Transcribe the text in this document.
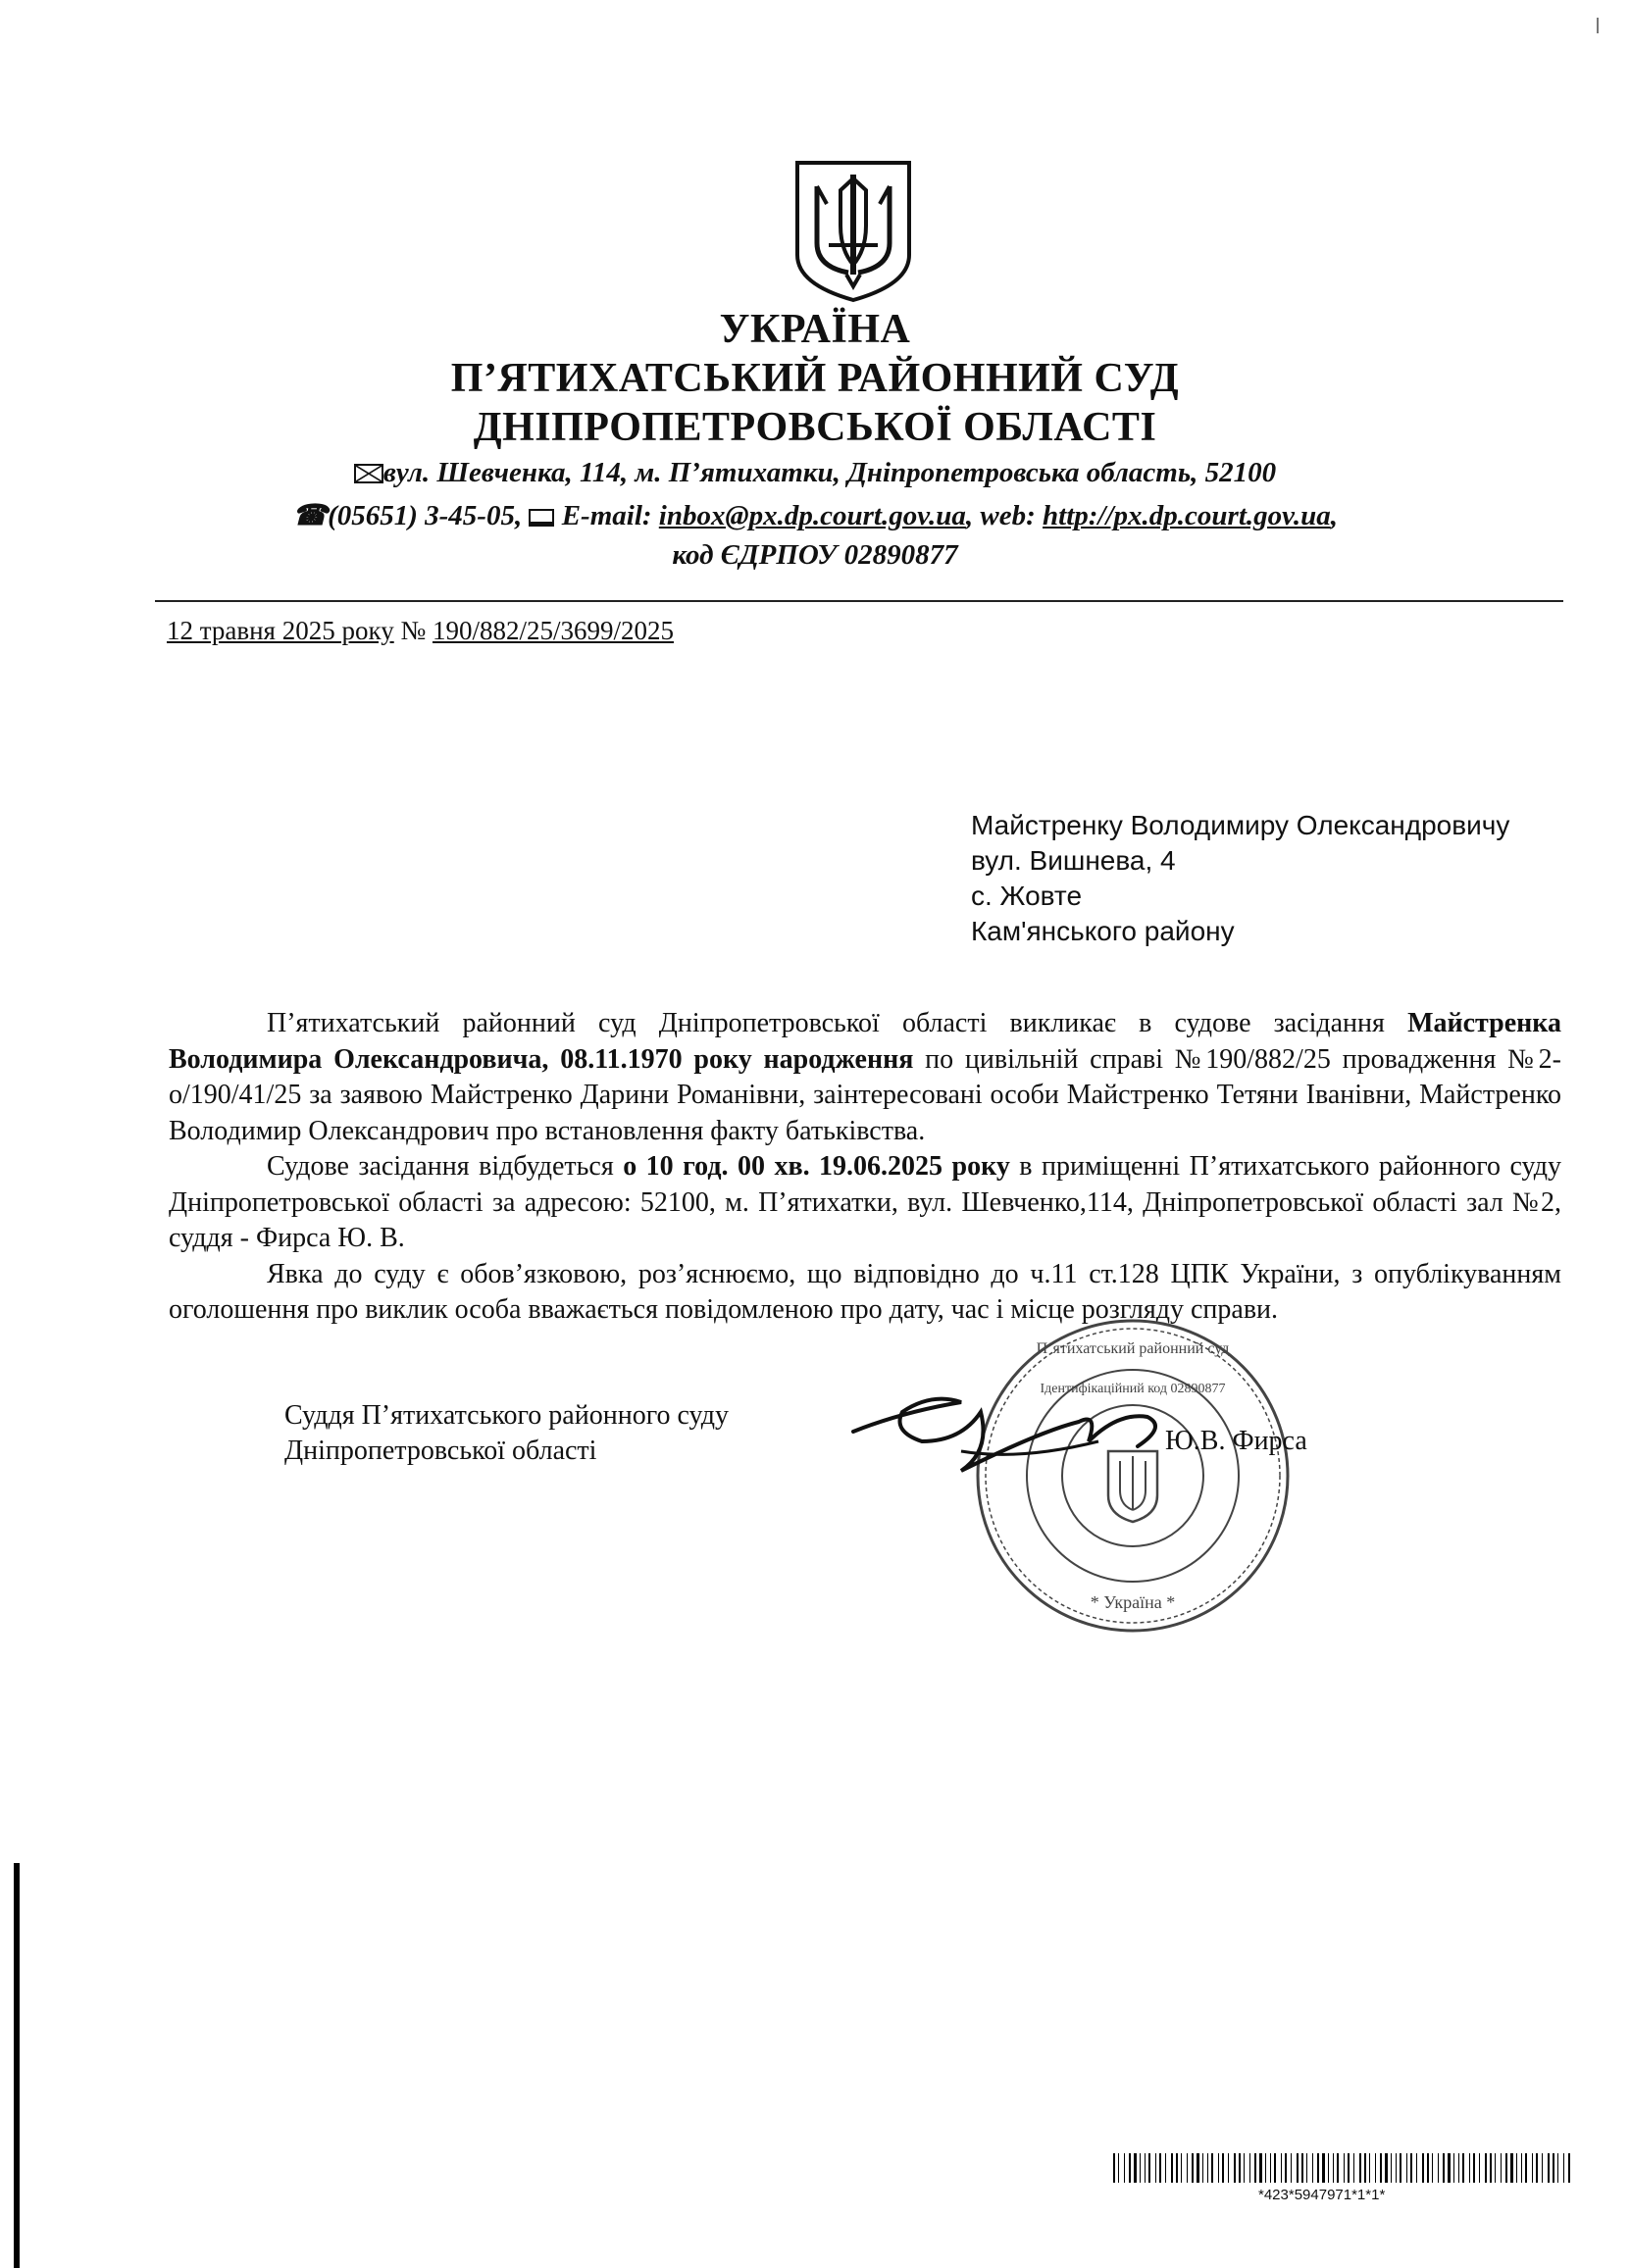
УКРАЇНА
П’ЯТИХАТСЬКИЙ РАЙОННИЙ СУД
ДНІПРОПЕТРОВСЬКОЇ ОБЛАСТІ
вул. Шевченка, 114, м. П’ятихатки, Дніпропетровська область, 52100
☎(05651) 3-45-05,  E-mail: inbox@px.dp.court.gov.ua, web: http://px.dp.court.gov.ua,
код ЄДРПОУ 02890877
12 травня 2025 року № 190/882/25/3699/2025
Майстренку Володимиру Олександровичу
вул. Вишнева, 4
с. Жовте
Кам'янського району

П’ятихатський районний суд Дніпропетровської області викликає в судове засідання Майстренка Володимира Олександровича, 08.11.1970 року народження по цивільній справі №190/882/25 провадження №2-о/190/41/25 за заявою Майстренко Дарини Романівни, заінтересовані особи Майстренко Тетяни Іванівни, Майстренко Володимир Олександрович про встановлення факту батьківства.

Судове засідання відбудеться о 10 год. 00 хв. 19.06.2025 року в приміщенні П’ятихатського районного суду Дніпропетровської області за адресою: 52100, м. П’ятихатки, вул. Шевченко,114, Дніпропетровської області зал №2, суддя - Фирса Ю. В.

Явка до суду є обов’язковою, роз’яснюємо, що відповідно до ч.11 ст.128 ЦПК України, з опублікуванням оголошення про виклик особа вважається повідомленою про дату, час і місце розгляду справи.

П’ятихатський районний суд
Ідентифікаційний код 02890877
* Україна *
Суддя П’ятихатського районного суду
Дніпропетровської області	Ю.В. Фирса
*423*5947971*1*1*
